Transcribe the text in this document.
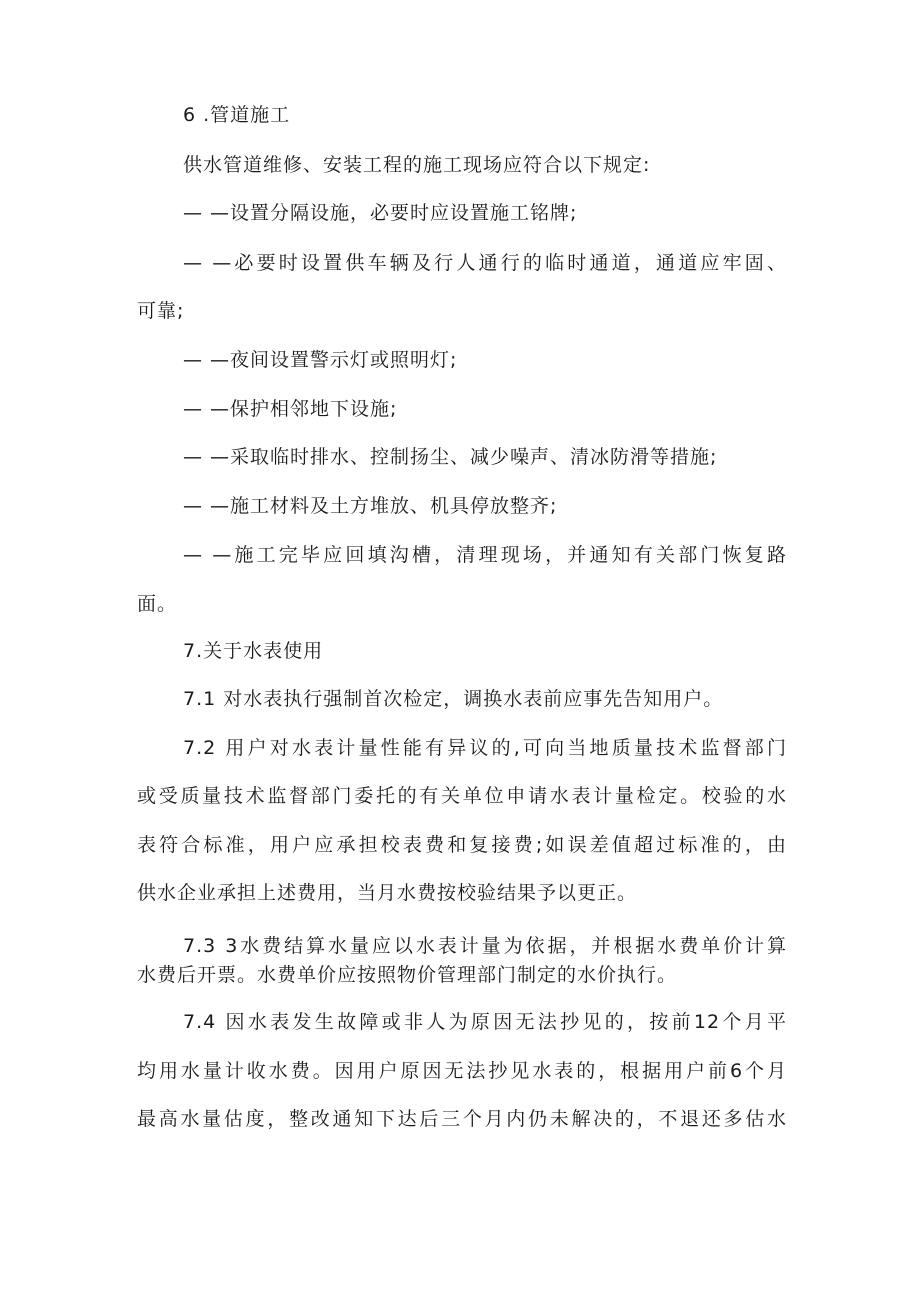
6 .管道施工
供水管道维修、安装工程的施工现场应符合以下规定:
— —设置分隔设施，必要时应设置施工铭牌;
— —必要时设置供车辆及行人通行的临时通道，通道应牢固、
可靠;
— —夜间设置警示灯或照明灯;
— —保护相邻地下设施;
— —采取临时排水、控制扬尘、减少噪声、清冰防滑等措施;
— —施工材料及土方堆放、机具停放整齐;
— —施工完毕应回填沟槽，清理现场，并通知有关部门恢复路
面。
7.关于水表使用
7.1 对水表执行强制首次检定，调换水表前应事先告知用户。
7.2 用户对水表计量性能有异议的,可向当地质量技术监督部门
或受质量技术监督部门委托的有关单位申请水表计量检定。校验的水
表符合标准，用户应承担校表费和复接费;如误差值超过标准的，由
供水企业承担上述费用，当月水费按校验结果予以更正。
7.3 3水费结算水量应以水表计量为依据，并根据水费单价计算
水费后开票。水费单价应按照物价管理部门制定的水价执行。
7.4 因水表发生故障或非人为原因无法抄见的，按前12个月平
均用水量计收水费。因用户原因无法抄见水表的，根据用户前6个月
最高水量估度，整改通知下达后三个月内仍未解决的，不退还多估水
